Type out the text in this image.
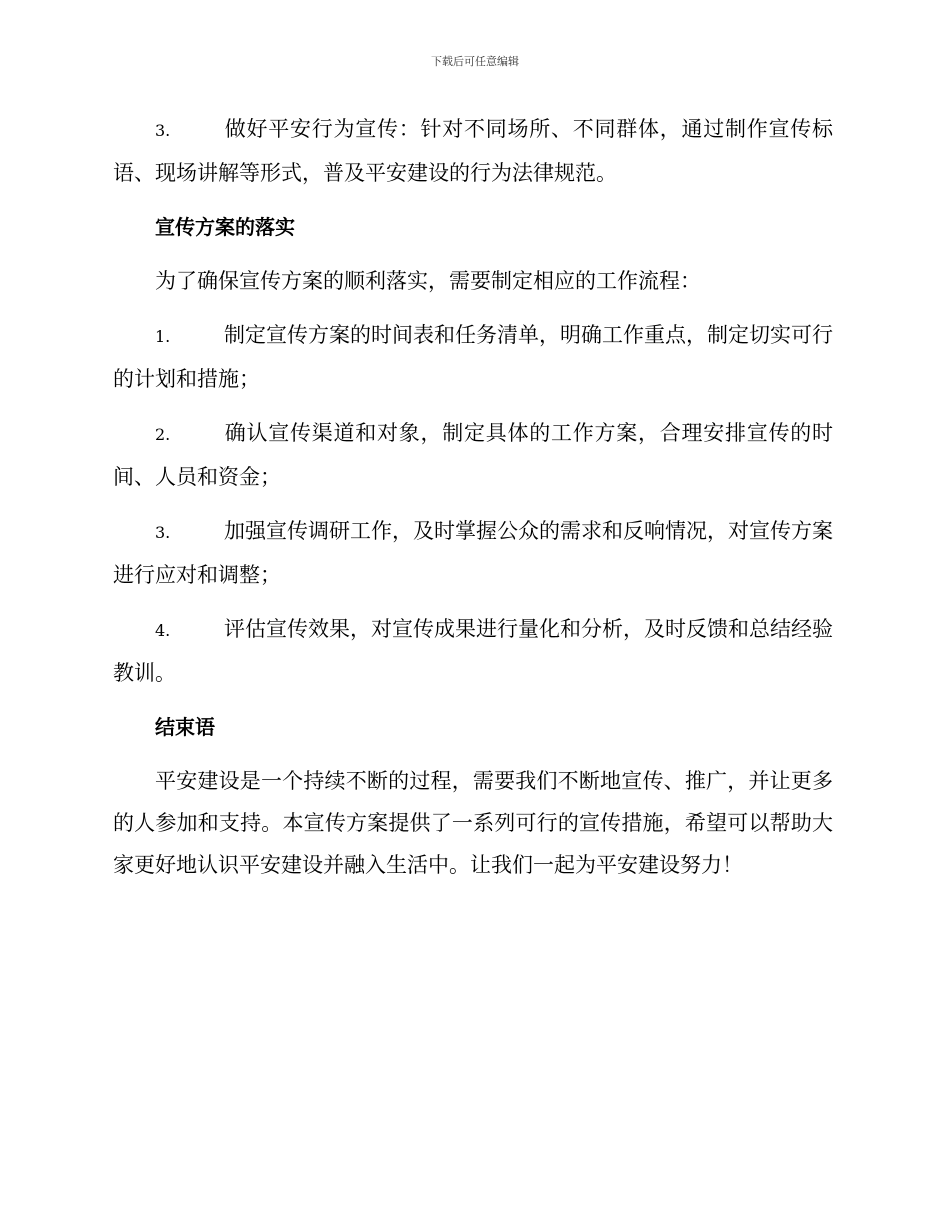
下载后可任意编辑

3.	做好平安行为宣传：针对不同场所、不同群体，通过制作宣传标语、现场讲解等形式，普及平安建设的行为法律规范。

宣传方案的落实

为了确保宣传方案的顺利落实，需要制定相应的工作流程：

1.	制定宣传方案的时间表和任务清单，明确工作重点，制定切实可行的计划和措施；

2.	确认宣传渠道和对象，制定具体的工作方案，合理安排宣传的时间、人员和资金；

3.	加强宣传调研工作，及时掌握公众的需求和反响情况，对宣传方案进行应对和调整；

4.	评估宣传效果，对宣传成果进行量化和分析，及时反馈和总结经验教训。

结束语

平安建设是一个持续不断的过程，需要我们不断地宣传、推广，并让更多的人参加和支持。本宣传方案提供了一系列可行的宣传措施，希望可以帮助大家更好地认识平安建设并融入生活中。让我们一起为平安建设努力！
